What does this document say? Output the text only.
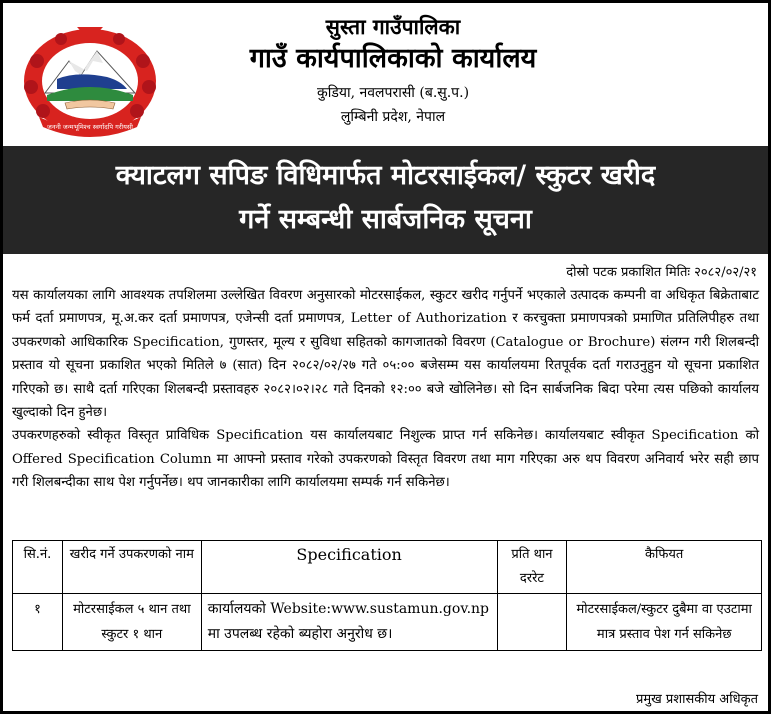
जननी जन्मभूमिश्च स्वर्गादपि गरीयसी
सुस्ता गाउँपालिका
गाउँ कार्यपालिकाको कार्यालय
कुडिया, नवलपरासी (ब.सु.प.)
लुम्बिनी प्रदेश, नेपाल
क्याटलग सपिङ विधिमार्फत मोटरसाईकल/ स्कुटर खरीद
गर्ने सम्बन्धी सार्बजनिक सूचना
दोस्रो पटक प्रकाशित मितिः २०८२/०२/२१

यस कार्यालयका लागि आवश्यक तपशिलमा उल्लेखित विवरण अनुसारको मोटरसाईकल, स्कुटर खरीद गर्नुपर्ने भएकाले उत्पादक कम्पनी वा अधिकृत बिक्रेताबाट फर्म दर्ता प्रमाणपत्र, मू.अ.कर दर्ता प्रमाणपत्र, एजेन्सी दर्ता प्रमाणपत्र, Letter of Authorization र करचुक्ता प्रमाणपत्रको प्रमाणित प्रतिलिपीहरु तथा उपकरणको आधिकारिक Specification, गुणस्तर, मूल्य र सुविधा सहितको कागजातको विवरण (Catalogue or Brochure) संलग्न गरी शिलबन्दी प्रस्ताव यो सूचना प्रकाशित भएको मितिले ७ (सात) दिन २०८२/०२/२७ गते ०५:०० बजेसम्म यस कार्यालयमा रितपूर्वक दर्ता गराउनुहुन यो सूचना प्रकाशित गरिएको छ। साथै दर्ता गरिएका शिलबन्दी प्रस्तावहरु २०८२।०२।२८ गते दिनको १२:०० बजे खोलिनेछ। सो दिन सार्बजनिक बिदा परेमा त्यस पछिको कार्यालय खुल्दाको दिन हुनेछ।

उपकरणहरुको स्वीकृत विस्तृत प्राविधिक Specification यस कार्यालयबाट निशुल्क प्राप्त गर्न सकिनेछ। कार्यालयबाट स्वीकृत Specification को Offered Specification Column मा आफ्नो प्रस्ताव गरेको उपकरणको विस्तृत विवरण तथा माग गरिएका अरु थप विवरण अनिवार्य भरेर सही छाप गरी शिलबन्दीका साथ पेश गर्नुपर्नेछ। थप जानकारीका लागि कार्यालयमा सम्पर्क गर्न सकिनेछ।

सि.नं.	खरीद गर्ने उपकरणको नाम	Specification	प्रति थान दररेट	कैफियत
१	मोटरसाईकल ५ थान तथा स्कुटर १ थान	कार्यालयको Website:www.sustamun.gov.np मा उपलब्ध रहेको ब्यहोरा अनुरोध छ।		मोटरसाईकल/स्कुटर दुबैमा वा एउटामा मात्र प्रस्ताव पेश गर्न सकिनेछ
प्रमुख प्रशासकीय अधिकृत
